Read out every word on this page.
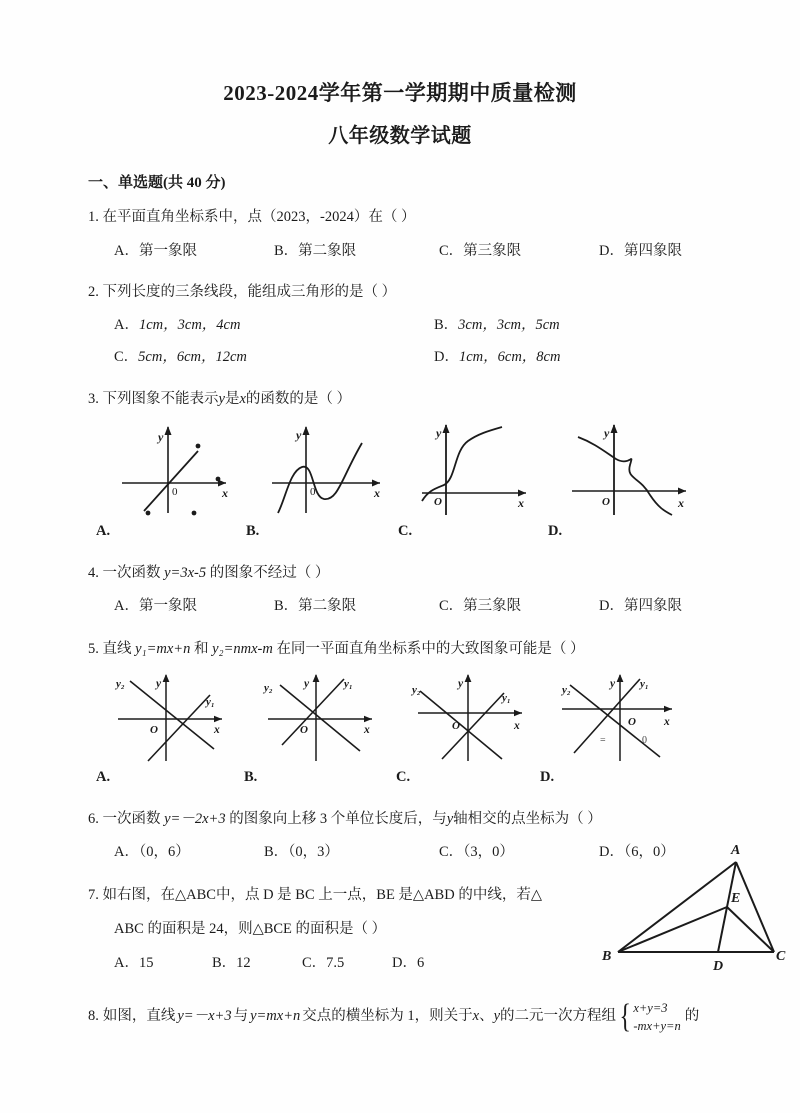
2023-2024学年第一学期期中质量检测
八年级数学试题
一、单选题(共 40 分)
1. 在平面直角坐标系中，点（2023，-2024）在（ ）
A．第一象限	B．第二象限	C．第三象限	D．第四象限
2. 下列长度的三条线段，能组成三角形的是（ ）
A．1cm，3cm，4cm	B．3cm，3cm，5cm
C．5cm，6cm，12cm	D．1cm，6cm，8cm
3. 下列图象不能表示y是x的函数的是（ ）
y
x
0
y
x
0
y
x
O
y
x
O
A.	B.	C.	D.
4. 一次函数 y=3x-5 的图象不经过（ ）
A．第一象限	B．第二象限	C．第三象限	D．第四象限
5. 直线 y₁=mx+n 和 y₂=nmx-m 在同一平面直角坐标系中的大致图象可能是（ ）
y
x
O
y₁
y₂	y
x
O
y₁
y₂	y
x
O
y₁
y₂	y
x
O
y₁
y₂
=	0
A.	B.	C.	D.
6. 一次函数 y=－2x+3 的图象向上移 3 个单位长度后，与y轴相交的点坐标为（ ）
A．（0，6）	B．（0，3）	C．（3，0）	D．（6，0）
7. 如右图，在△ABC中，点 D 是 BC 上一点，BE 是△ABD 的中线，若△
ABC 的面积是 24，则△BCE 的面积是（ ）
A．15	B．12	C．7.5	D．6
A
B	C
D
E
8. 如图，直线 y=－x+3 与 y=mx+n 交点的横坐标为 1，则关于 x 、 y 的二元一次方程组 { x+y=3
-mx+y=n
的
